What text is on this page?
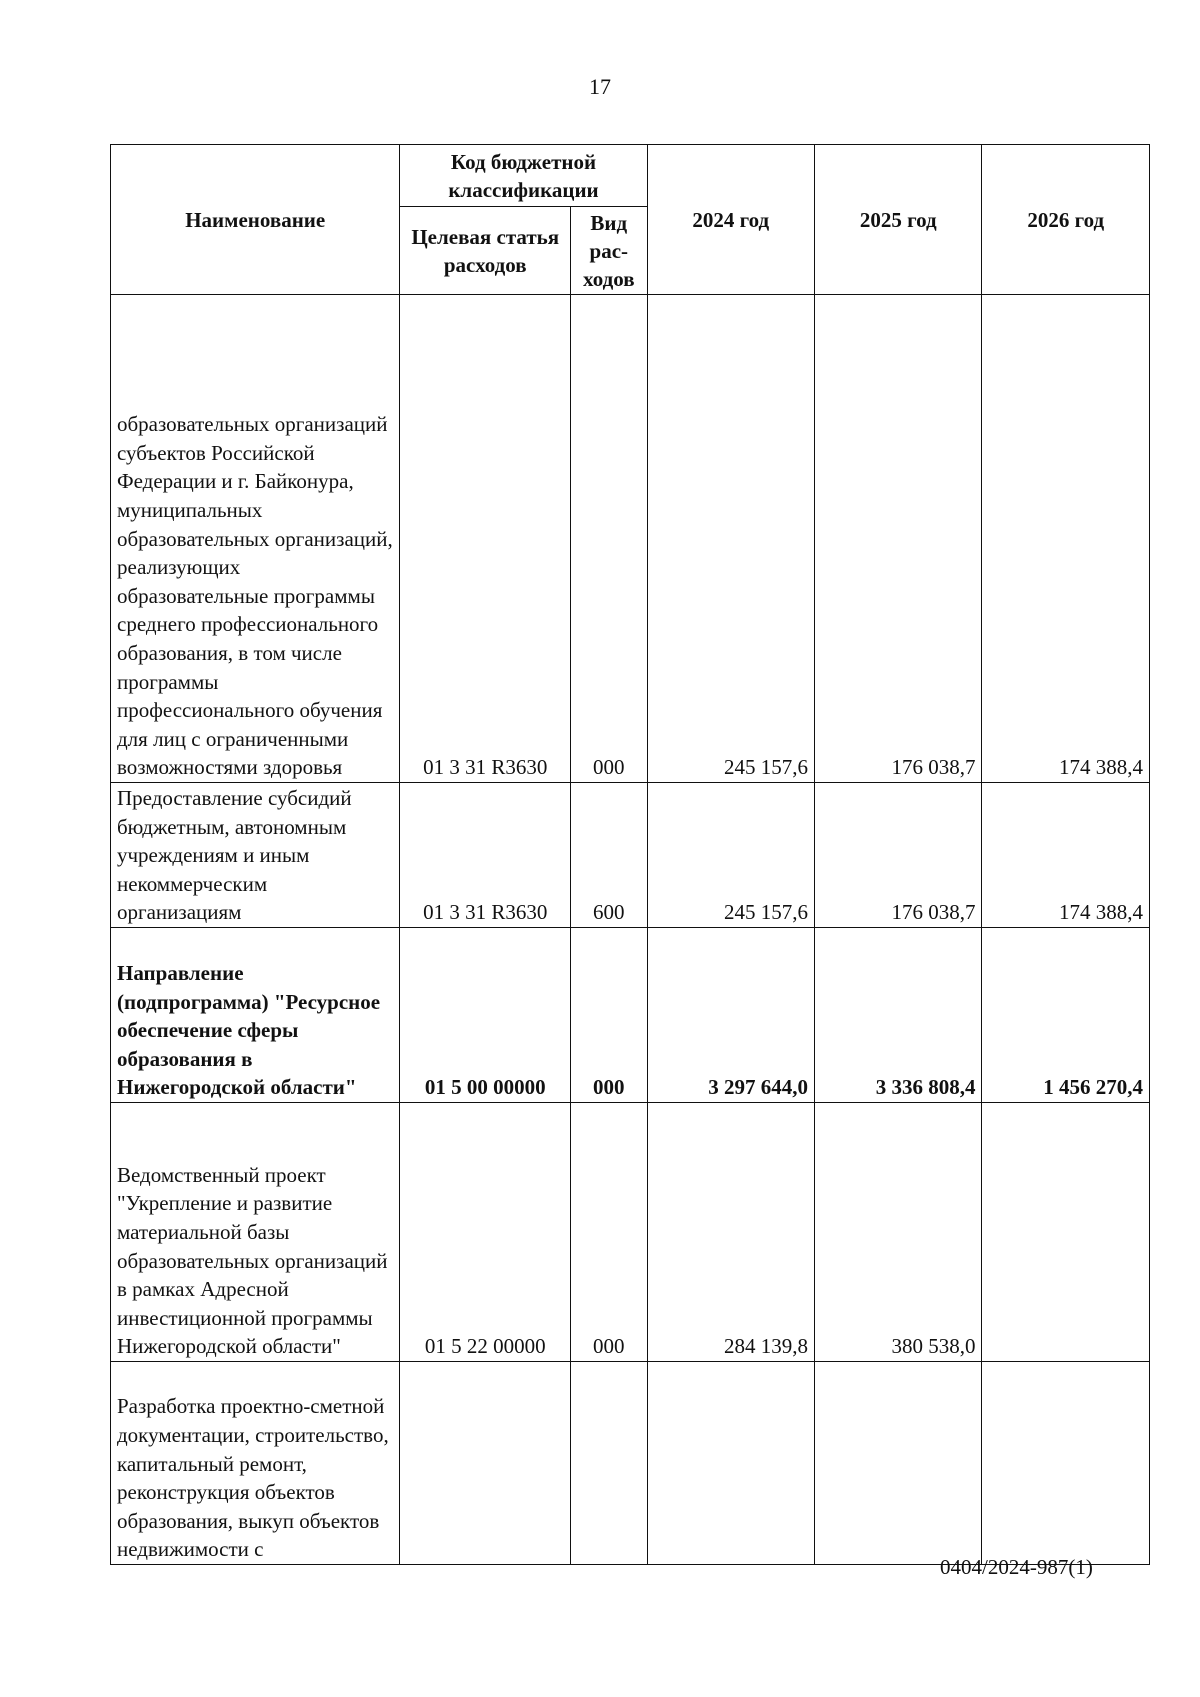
17
Наименование	Код бюджетной классификации		2024 год	2025 год	2026 год
	Целевая статья расходов	Вид рас-ходов			
образовательных организаций субъектов Российской Федерации и г. Байконура, муниципальных образовательных организаций, реализующих образовательные программы среднего профессионального образования, в том числе программы профессионального обучения для лиц с ограниченными возможностями здоровья	01 3 31 R3630	000	245 157,6	176 038,7	174 388,4
Предоставление субсидий бюджетным, автономным учреждениям и иным некоммерческим организациям	01 3 31 R3630	600	245 157,6	176 038,7	174 388,4
Направление (подпрограмма) "Ресурсное обеспечение сферы образования в Нижегородской области"	01 5 00 00000	000	3 297 644,0	3 336 808,4	1 456 270,4
Ведомственный проект "Укрепление и развитие материальной базы образовательных организаций в рамках Адресной инвестиционной программы Нижегородской области"	01 5 22 00000	000	284 139,8	380 538,0	
Разработка проектно-сметной документации, строительство, капитальный ремонт, реконструкция объектов образования, выкуп объектов недвижимости с					
0404/2024-987(1)
